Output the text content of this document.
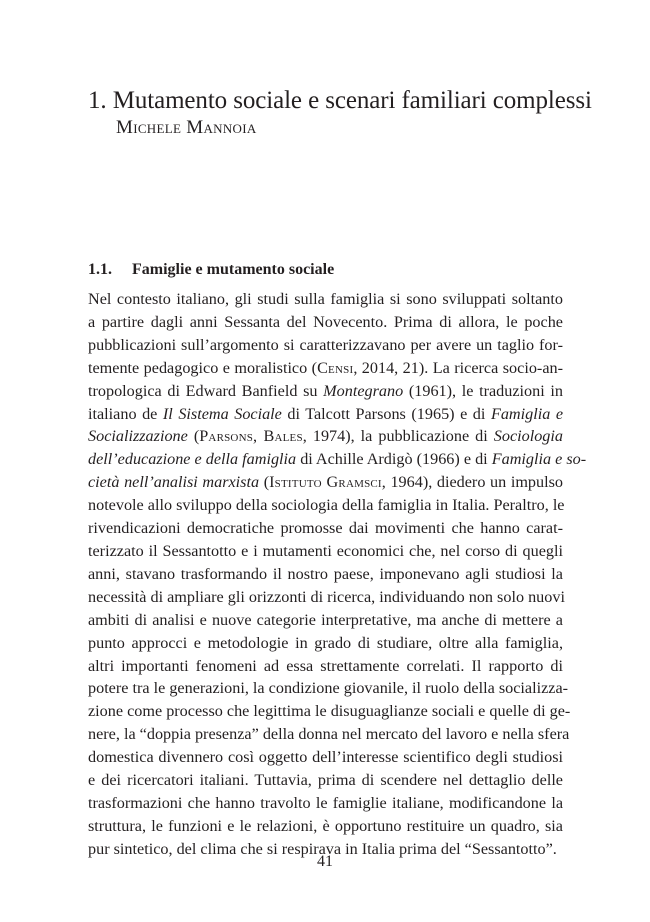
1. Mutamento sociale e scenari familiari complessi
Michele Mannoia
1.1. Famiglie e mutamento sociale
Nel contesto italiano, gli studi sulla famiglia si sono sviluppati soltanto
a partire dagli anni Sessanta del Novecento. Prima di allora, le poche
pubblicazioni sull’argomento si caratterizzavano per avere un taglio for-
temente pedagogico e moralistico (Censi, 2014, 21). La ricerca socio-an-
tropologica di Edward Banfield su Montegrano (1961), le traduzioni in
italiano de Il Sistema Sociale di Talcott Parsons (1965) e di Famiglia e
Socializzazione (Parsons, Bales, 1974), la pubblicazione di Sociologia
dell’educazione e della famiglia di Achille Ardigò (1966) e di Famiglia e so-
cietà nell’analisi marxista (Istituto Gramsci, 1964), diedero un impulso
notevole allo sviluppo della sociologia della famiglia in Italia. Peraltro, le
rivendicazioni democratiche promosse dai movimenti che hanno carat-
terizzato il Sessantotto e i mutamenti economici che, nel corso di quegli
anni, stavano trasformando il nostro paese, imponevano agli studiosi la
necessità di ampliare gli orizzonti di ricerca, individuando non solo nuovi
ambiti di analisi e nuove categorie interpretative, ma anche di mettere a
punto approcci e metodologie in grado di studiare, oltre alla famiglia,
altri importanti fenomeni ad essa strettamente correlati. Il rapporto di
potere tra le generazioni, la condizione giovanile, il ruolo della socializza-
zione come processo che legittima le disuguaglianze sociali e quelle di ge-
nere, la “doppia presenza” della donna nel mercato del lavoro e nella sfera
domestica divennero così oggetto dell’interesse scientifico degli studiosi
e dei ricercatori italiani. Tuttavia, prima di scendere nel dettaglio delle
trasformazioni che hanno travolto le famiglie italiane, modificandone la
struttura, le funzioni e le relazioni, è opportuno restituire un quadro, sia
pur sintetico, del clima che si respirava in Italia prima del “Sessantotto”.
41
